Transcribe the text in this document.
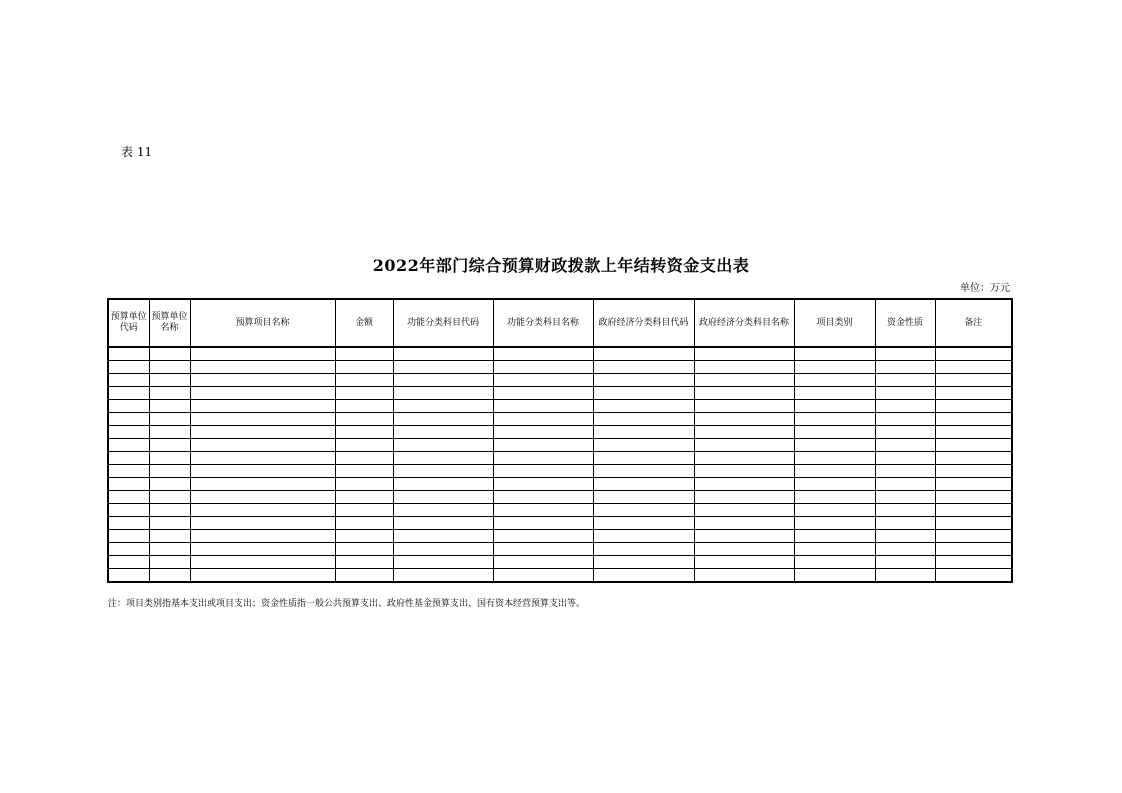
表 11
2022年部门综合预算财政拨款上年结转资金支出表
单位：万元
预算单位代码	预算单位名称	预算项目名称	金额	功能分类科目代码	功能分类科目名称	政府经济分类科目代码	政府经济分类科目名称	项目类别	资金性质	备注

注：项目类别指基本支出或项目支出；资金性质指一般公共预算支出、政府性基金预算支出、国有资本经营预算支出等。
